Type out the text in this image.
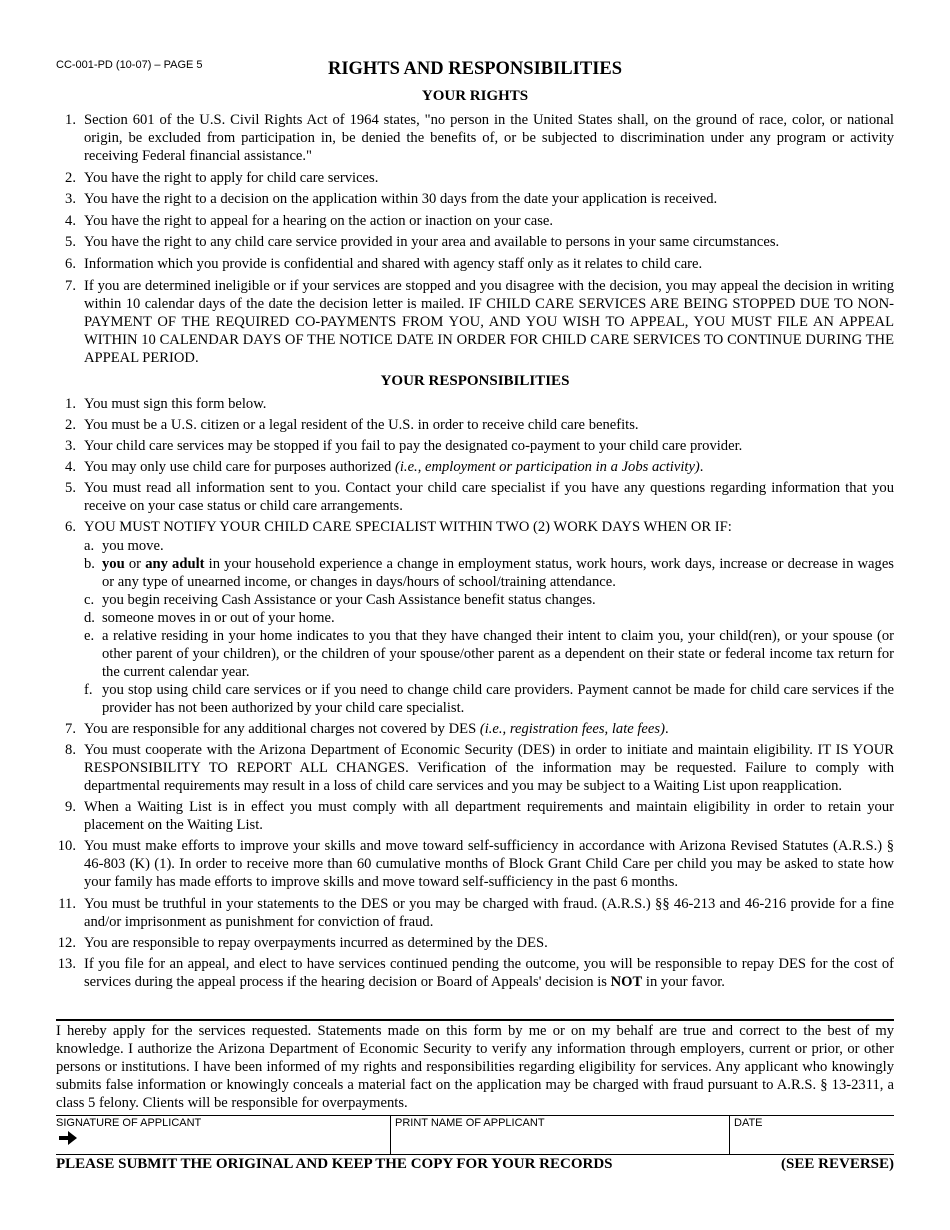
CC-001-PD (10-07) – PAGE 5	RIGHTS AND RESPONSIBILITIES
YOUR RIGHTS
1. Section 601 of the U.S. Civil Rights Act of 1964 states, "no person in the United States shall, on the ground of race, color, or national origin, be excluded from participation in, be denied the benefits of, or be subjected to discrimination under any program or activity receiving Federal financial assistance."
2. You have the right to apply for child care services.
3. You have the right to a decision on the application within 30 days from the date your application is received.
4. You have the right to appeal for a hearing on the action or inaction on your case.
5. You have the right to any child care service provided in your area and available to persons in your same circumstances.
6. Information which you provide is confidential and shared with agency staff only as it relates to child care.
7. If you are determined ineligible or if your services are stopped and you disagree with the decision, you may appeal the decision in writing within 10 calendar days of the date the decision letter is mailed. IF CHILD CARE SERVICES ARE BEING STOPPED DUE TO NON-PAYMENT OF THE REQUIRED CO-PAYMENTS FROM YOU, AND YOU WISH TO APPEAL, YOU MUST FILE AN APPEAL WITHIN 10 CALENDAR DAYS OF THE NOTICE DATE IN ORDER FOR CHILD CARE SERVICES TO CONTINUE DURING THE APPEAL PERIOD.
YOUR RESPONSIBILITIES
1. You must sign this form below.
2. You must be a U.S. citizen or a legal resident of the U.S. in order to receive child care benefits.
3. Your child care services may be stopped if you fail to pay the designated co-payment to your child care provider.
4. You may only use child care for purposes authorized (i.e., employment or participation in a Jobs activity).
5. You must read all information sent to you. Contact your child care specialist if you have any questions regarding information that you receive on your case status or child care arrangements.
6. YOU MUST NOTIFY YOUR CHILD CARE SPECIALIST WITHIN TWO (2) WORK DAYS WHEN OR IF:
a. you move.
b. you or any adult in your household experience a change in employment status, work hours, work days, increase or decrease in wages or any type of unearned income, or changes in days/hours of school/training attendance.
c. you begin receiving Cash Assistance or your Cash Assistance benefit status changes.
d. someone moves in or out of your home.
e. a relative residing in your home indicates to you that they have changed their intent to claim you, your child(ren), or your spouse (or other parent of your children), or the children of your spouse/other parent as a dependent on their state or federal income tax return for the current calendar year.
f. you stop using child care services or if you need to change child care providers. Payment cannot be made for child care services if the provider has not been authorized by your child care specialist.
7. You are responsible for any additional charges not covered by DES (i.e., registration fees, late fees).
8. You must cooperate with the Arizona Department of Economic Security (DES) in order to initiate and maintain eligibility. IT IS YOUR RESPONSIBILITY TO REPORT ALL CHANGES. Verification of the information may be requested. Failure to comply with departmental requirements may result in a loss of child care services and you may be subject to a Waiting List upon reapplication.
9. When a Waiting List is in effect you must comply with all department requirements and maintain eligibility in order to retain your placement on the Waiting List.
10. You must make efforts to improve your skills and move toward self-sufficiency in accordance with Arizona Revised Statutes (A.R.S.) § 46-803 (K) (1). In order to receive more than 60 cumulative months of Block Grant Child Care per child you may be asked to state how your family has made efforts to improve skills and move toward self-sufficiency in the past 6 months.
11. You must be truthful in your statements to the DES or you may be charged with fraud. (A.R.S.) §§ 46-213 and 46-216 provide for a fine and/or imprisonment as punishment for conviction of fraud.
12. You are responsible to repay overpayments incurred as determined by the DES.
13. If you file for an appeal, and elect to have services continued pending the outcome, you will be responsible to repay DES for the cost of services during the appeal process if the hearing decision or Board of Appeals' decision is NOT in your favor.
I hereby apply for the services requested. Statements made on this form by me or on my behalf are true and correct to the best of my knowledge. I authorize the Arizona Department of Economic Security to verify any information through employers, current or prior, or other persons or institutions. I have been informed of my rights and responsibilities regarding eligibility for services. Any applicant who knowingly submits false information or knowingly conceals a material fact on the application may be charged with fraud pursuant to A.R.S. § 13-2311, a class 5 felony. Clients will be responsible for overpayments.
SIGNATURE OF APPLICANT	PRINT NAME OF APPLICANT	DATE
PLEASE SUBMIT THE ORIGINAL AND KEEP THE COPY FOR YOUR RECORDS	(SEE REVERSE)
